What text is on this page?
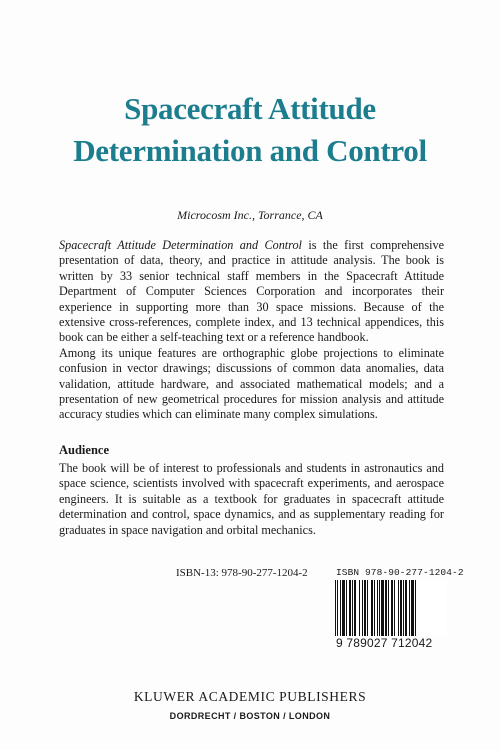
Spacecraft Attitude
Determination and Control
Microcosm Inc., Torrance, CA

Spacecraft Attitude Determination and Control is the first comprehensive presentation of data, theory, and practice in attitude analysis. The book is written by 33 senior technical staff members in the Spacecraft Attitude Department of Computer Sciences Corporation and incorporates their experience in supporting more than 30 space missions. Because of the extensive cross-references, complete index, and 13 technical appendices, this book can be either a self-teaching text or a reference handbook.

Among its unique features are orthographic globe projections to eliminate confusion in vector drawings; discussions of common data anomalies, data validation, attitude hardware, and associated mathematical models; and a presentation of new geometrical procedures for mission analysis and attitude accuracy studies which can eliminate many complex simulations.

Audience

The book will be of interest to professionals and students in astronautics and space science, scientists involved with spacecraft experiments, and aerospace engineers. It is suitable as a textbook for graduates in spacecraft attitude determination and control, space dynamics, and as supplementary reading for graduates in space navigation and orbital mechanics.

ISBN-13: 978-90-277-1204-2	ISBN 978-90-277-1204-2
9 789027 712042
KLUWER ACADEMIC PUBLISHERS
DORDRECHT / BOSTON / LONDON
